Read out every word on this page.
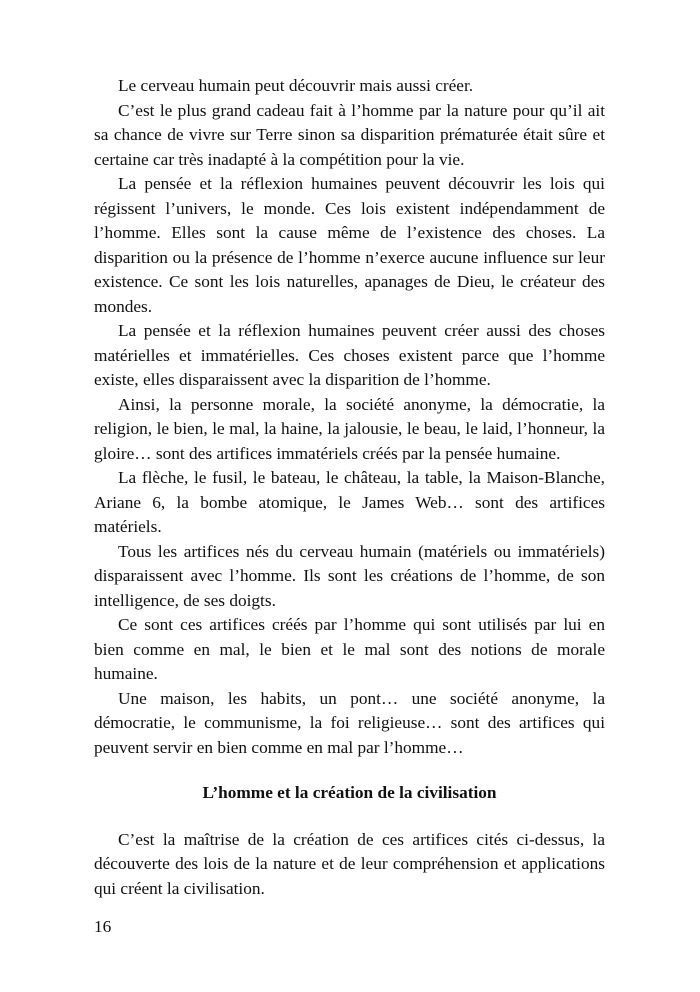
Le cerveau humain peut découvrir mais aussi créer.

C’est le plus grand cadeau fait à l’homme par la nature pour qu’il ait sa chance de vivre sur Terre sinon sa disparition prématurée était sûre et certaine car très inadapté à la compétition pour la vie.

La pensée et la réflexion humaines peuvent découvrir les lois qui régissent l’univers, le monde. Ces lois existent indépendamment de l’homme. Elles sont la cause même de l’existence des choses. La disparition ou la présence de l’homme n’exerce aucune influence sur leur existence. Ce sont les lois naturelles, apanages de Dieu, le créateur des mondes.

La pensée et la réflexion humaines peuvent créer aussi des choses matérielles et immatérielles. Ces choses existent parce que l’homme existe, elles disparaissent avec la disparition de l’homme.

Ainsi, la personne morale, la société anonyme, la démocratie, la religion, le bien, le mal, la haine, la jalousie, le beau, le laid, l’honneur, la gloire… sont des artifices immatériels créés par la pensée humaine.

La flèche, le fusil, le bateau, le château, la table, la Maison-Blanche, Ariane 6, la bombe atomique, le James Web… sont des artifices matériels.

Tous les artifices nés du cerveau humain (matériels ou immatériels) disparaissent avec l’homme. Ils sont les créations de l’homme, de son intelligence, de ses doigts.

Ce sont ces artifices créés par l’homme qui sont utilisés par lui en bien comme en mal, le bien et le mal sont des notions de morale humaine.

Une maison, les habits, un pont… une société anonyme, la démocratie, le communisme, la foi religieuse… sont des artifices qui peuvent servir en bien comme en mal par l’homme…

L’homme et la création de la civilisation

C’est la maîtrise de la création de ces artifices cités ci-dessus, la découverte des lois de la nature et de leur compréhension et applications qui créent la civilisation.

16
